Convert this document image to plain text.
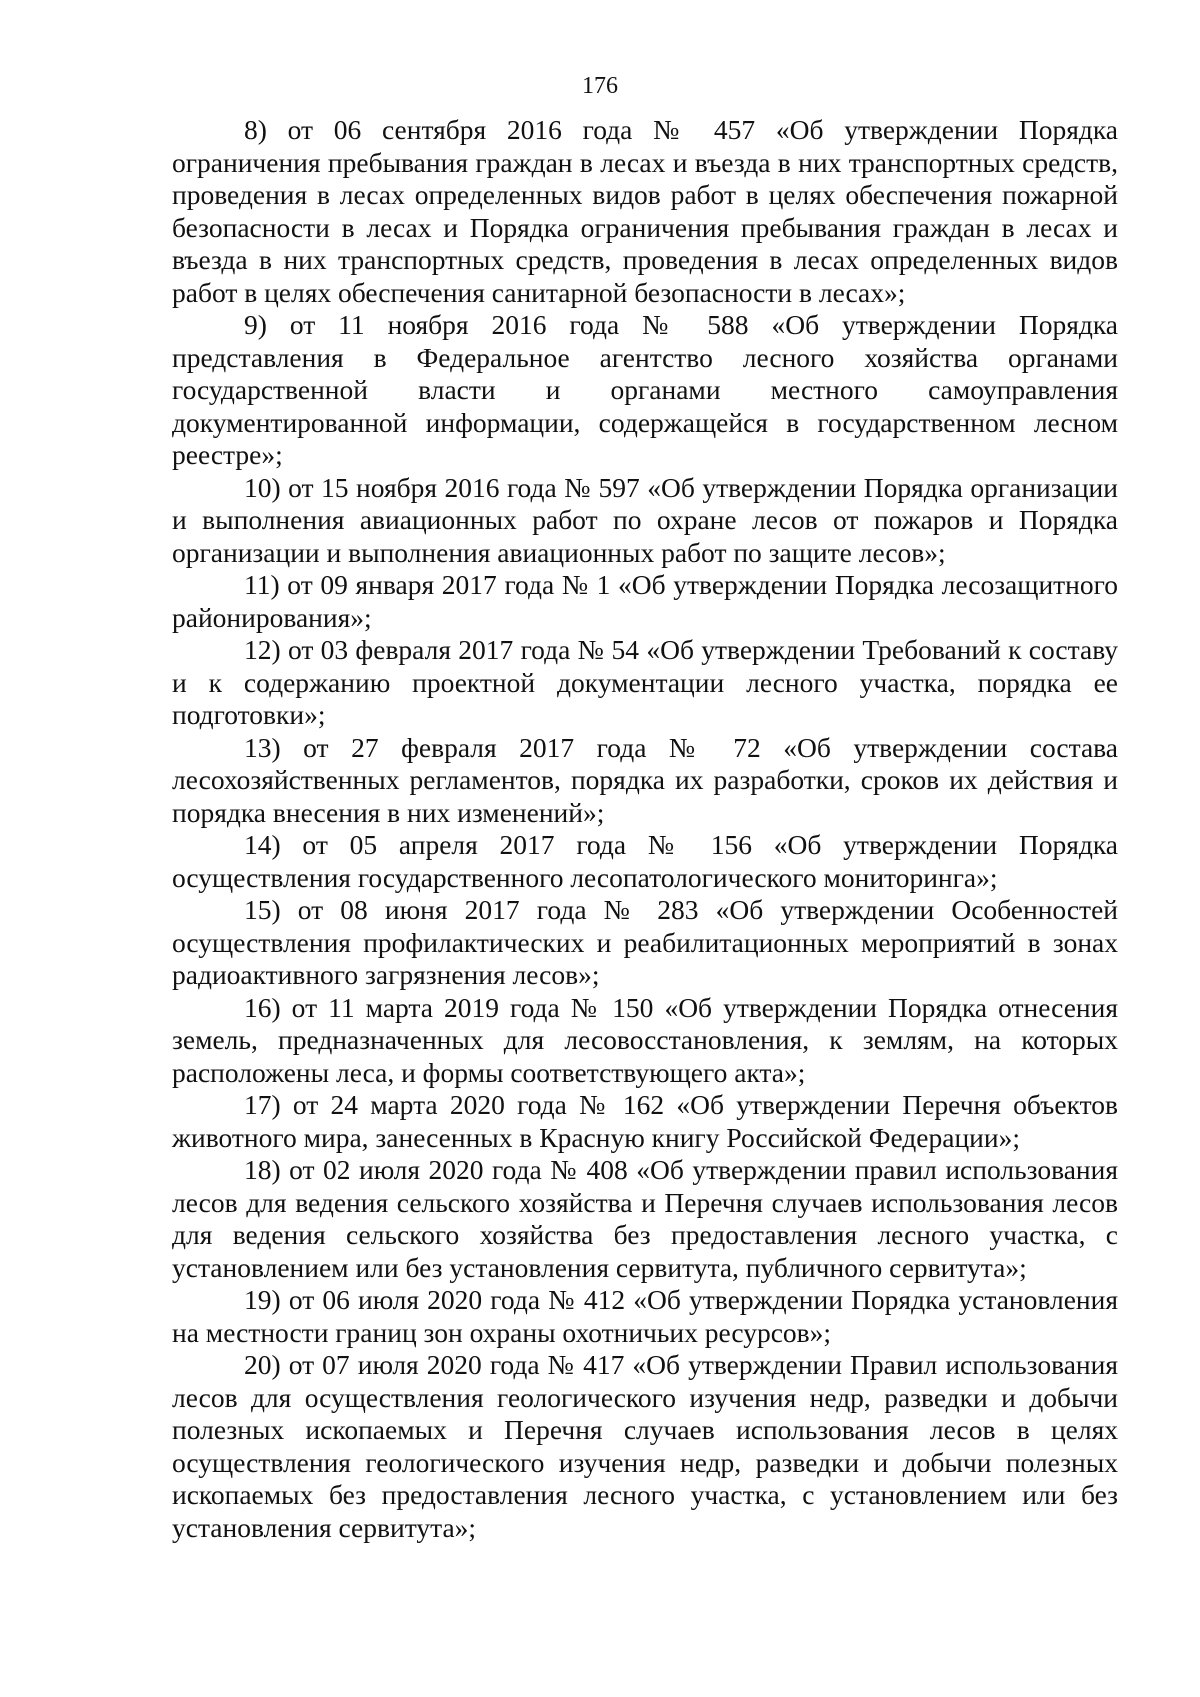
176

8) от 06 сентября 2016 года № 457 «Об утверждении Порядка ограничения пребывания граждан в лесах и въезда в них транспортных средств, проведения в лесах определенных видов работ в целях обеспечения пожарной безопасности в лесах и Порядка ограничения пребывания граждан в лесах и въезда в них транспортных средств, проведения в лесах определенных видов работ в целях обеспечения санитарной безопасности в лесах»;

9) от 11 ноября 2016 года № 588 «Об утверждении Порядка представления в Федеральное агентство лесного хозяйства органами государственной власти и органами местного самоуправления документированной информации, содержащейся в государственном лесном реестре»;

10) от 15 ноября 2016 года № 597 «Об утверждении Порядка организации и выполнения авиационных работ по охране лесов от пожаров и Порядка организации и выполнения авиационных работ по защите лесов»;

11) от 09 января 2017 года № 1 «Об утверждении Порядка лесозащитного районирования»;

12) от 03 февраля 2017 года № 54 «Об утверждении Требований к составу и к содержанию проектной документации лесного участка, порядка ее подготовки»;

13) от 27 февраля 2017 года № 72 «Об утверждении состава лесохозяйственных регламентов, порядка их разработки, сроков их действия и порядка внесения в них изменений»;

14) от 05 апреля 2017 года № 156 «Об утверждении Порядка осуществления государственного лесопатологического мониторинга»;

15) от 08 июня 2017 года № 283 «Об утверждении Особенностей осуществления профилактических и реабилитационных мероприятий в зонах радиоактивного загрязнения лесов»;

16) от 11 марта 2019 года № 150 «Об утверждении Порядка отнесения земель, предназначенных для лесовосстановления, к землям, на которых расположены леса, и формы соответствующего акта»;

17) от 24 марта 2020 года № 162 «Об утверждении Перечня объектов животного мира, занесенных в Красную книгу Российской Федерации»;

18) от 02 июля 2020 года № 408 «Об утверждении правил использования лесов для ведения сельского хозяйства и Перечня случаев использования лесов для ведения сельского хозяйства без предоставления лесного участка, с установлением или без установления сервитута, публичного сервитута»;

19) от 06 июля 2020 года № 412 «Об утверждении Порядка установления на местности границ зон охраны охотничьих ресурсов»;

20) от 07 июля 2020 года № 417 «Об утверждении Правил использования лесов для осуществления геологического изучения недр, разведки и добычи полезных ископаемых и Перечня случаев использования лесов в целях осуществления геологического изучения недр, разведки и добычи полезных ископаемых без предоставления лесного участка, с установлением или без установления сервитута»;
